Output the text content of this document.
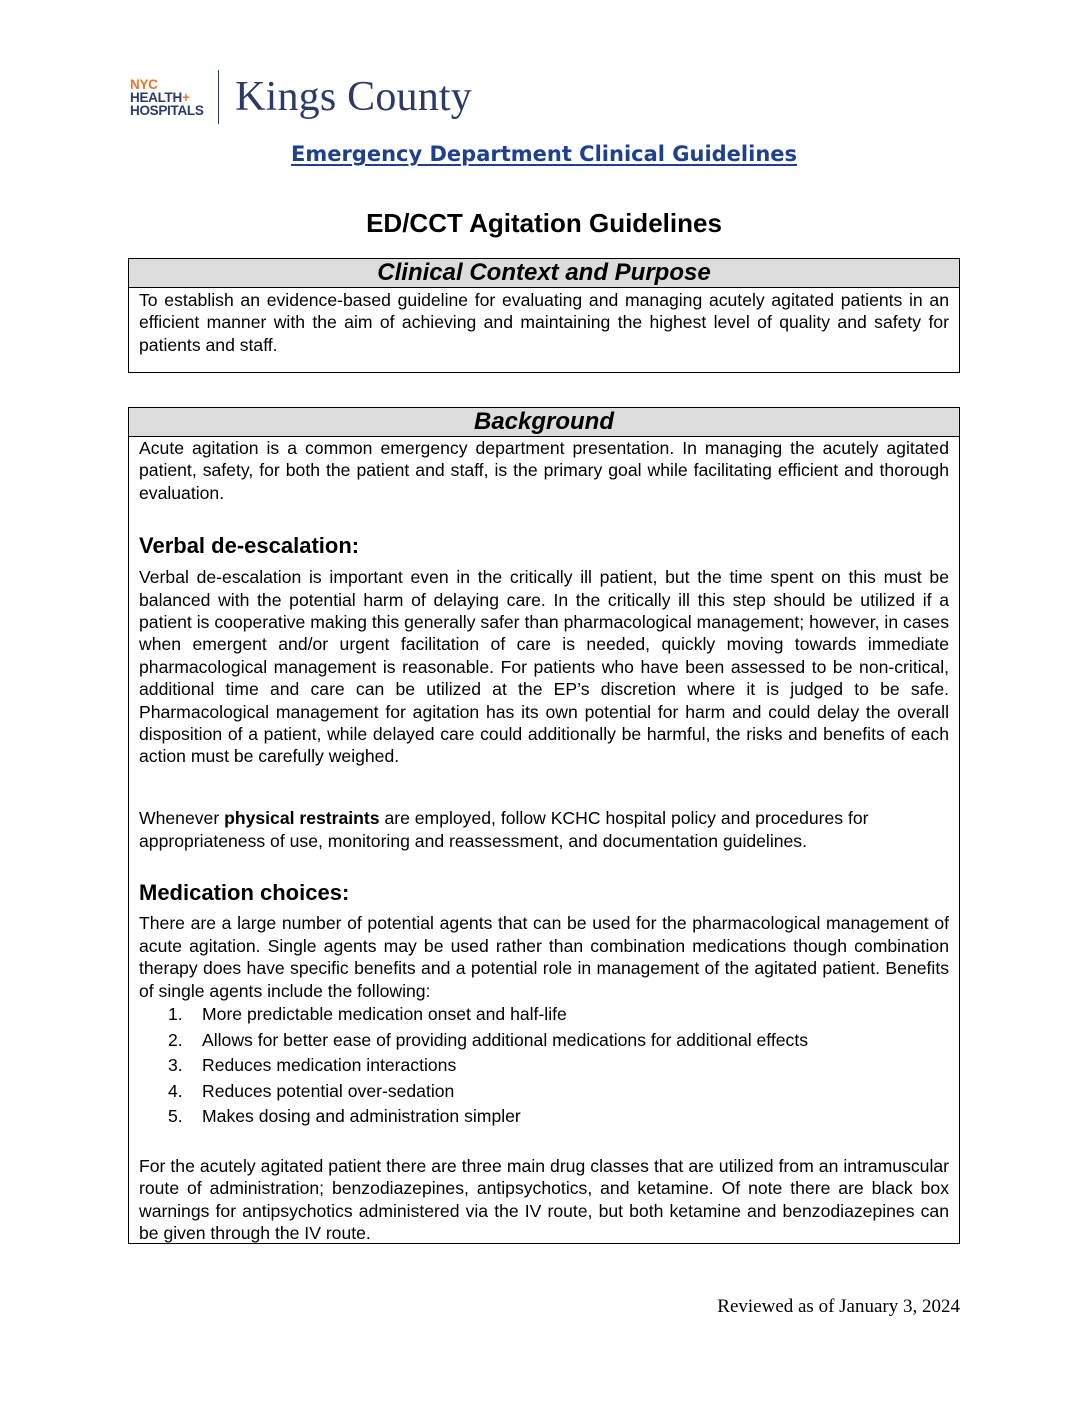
NYC
HEALTH+
HOSPITALS Kings County
Emergency Department Clinical Guidelines
ED/CCT Agitation Guidelines
Clinical Context and Purpose

To establish an evidence-based guideline for evaluating and managing acutely agitated patients in an efficient manner with the aim of achieving and maintaining the highest level of quality and safety for patients and staff.

Background

Acute agitation is a common emergency department presentation. In managing the acutely agitated patient, safety, for both the patient and staff, is the primary goal while facilitating efficient and thorough evaluation.

Verbal de-escalation:

Verbal de-escalation is important even in the critically ill patient, but the time spent on this must be balanced with the potential harm of delaying care. In the critically ill this step should be utilized if a patient is cooperative making this generally safer than pharmacological management; however, in cases when emergent and/or urgent facilitation of care is needed, quickly moving towards immediate pharmacological management is reasonable. For patients who have been assessed to be non-critical, additional time and care can be utilized at the EP’s discretion where it is judged to be safe. Pharmacological management for agitation has its own potential for harm and could delay the overall disposition of a patient, while delayed care could additionally be harmful, the risks and benefits of each action must be carefully weighed.

Whenever physical restraints are employed, follow KCHC hospital policy and procedures for appropriateness of use, monitoring and reassessment, and documentation guidelines.

Medication choices:

There are a large number of potential agents that can be used for the pharmacological management of acute agitation. Single agents may be used rather than combination medications though combination therapy does have specific benefits and a potential role in management of the agitated patient. Benefits of single agents include the following:

1. More predictable medication onset and half-life
2. Allows for better ease of providing additional medications for additional effects
3. Reduces medication interactions
4. Reduces potential over-sedation
5. Makes dosing and administration simpler

For the acutely agitated patient there are three main drug classes that are utilized from an intramuscular route of administration; benzodiazepines, antipsychotics, and ketamine. Of note there are black box warnings for antipsychotics administered via the IV route, but both ketamine and benzodiazepines can be given through the IV route.

Reviewed as of January 3, 2024
